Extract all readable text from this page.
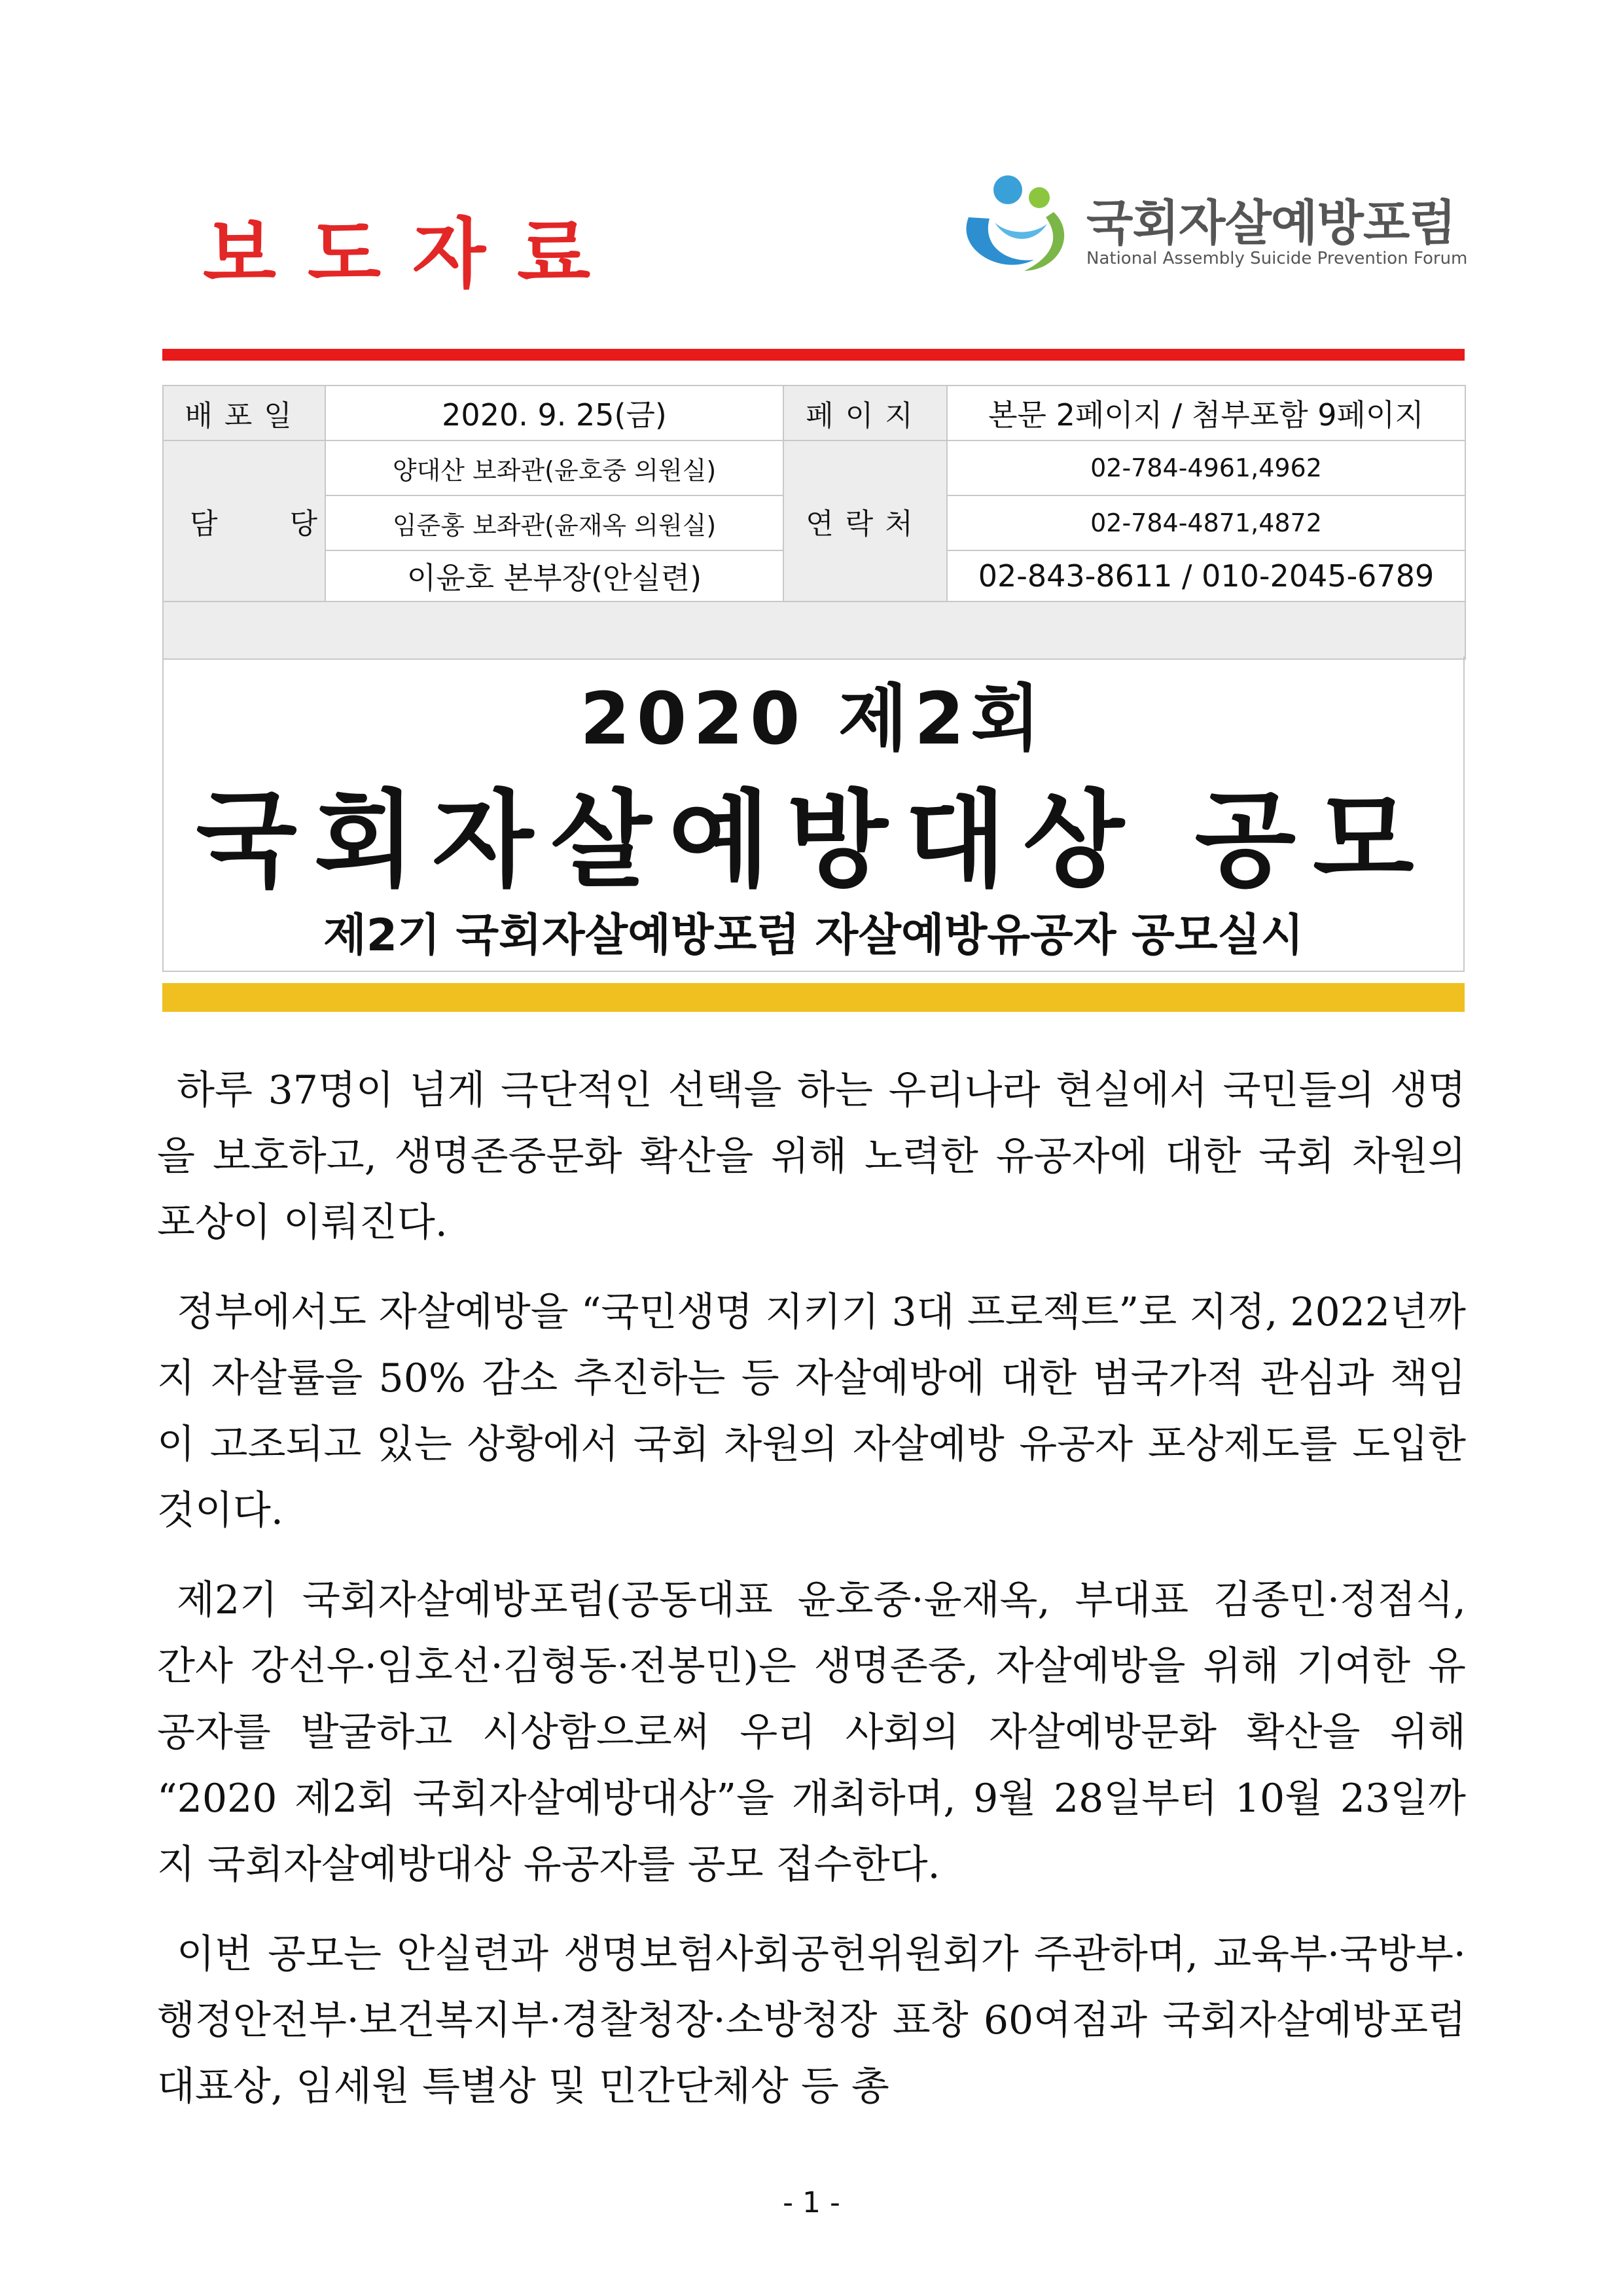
보도자료	국회자살예방포럼
National Assembly Suicide Prevention Forum
배포일	2020. 9. 25(금)	페이지	본문 2페이지 / 첨부포함 9페이지
담당	양대산 보좌관(윤호중 의원실)	연락처	02-784-4961,4962
	임준홍 보좌관(윤재옥 의원실)		02-784-4871,4872
	이윤호 본부장(안실련)		02-843-8611 / 010-2045-6789

2020 제2회
국회자살예방대상 공모
제2기 국회자살예방포럼 자살예방유공자 공모실시

하루 37명이 넘게 극단적인 선택을 하는 우리나라 현실에서 국민들의 생명을 보호하고, 생명존중문화 확산을 위해 노력한 유공자에 대한 국회 차원의 포상이 이뤄진다.

정부에서도 자살예방을 “국민생명 지키기 3대 프로젝트”로 지정, 2022년까지 자살률을 50% 감소 추진하는 등 자살예방에 대한 범국가적 관심과 책임이 고조되고 있는 상황에서 국회 차원의 자살예방 유공자 포상제도를 도입한 것이다.

제2기 국회자살예방포럼(공동대표 윤호중·윤재옥, 부대표 김종민·정점식, 간사 강선우·임호선·김형동·전봉민)은 생명존중, 자살예방을 위해 기여한 유공자를 발굴하고 시상함으로써 우리 사회의 자살예방문화 확산을 위해 “2020 제2회 국회자살예방대상”을 개최하며, 9월 28일부터 10월 23일까지 국회자살예방대상 유공자를 공모 접수한다.

이번 공모는 안실련과 생명보험사회공헌위원회가 주관하며, 교육부·국방부·행정안전부·보건복지부·경찰청장·소방청장 표창 60여점과 국회자살예방포럼 대표상, 임세원 특별상 및 민간단체상 등 총

- 1 -
